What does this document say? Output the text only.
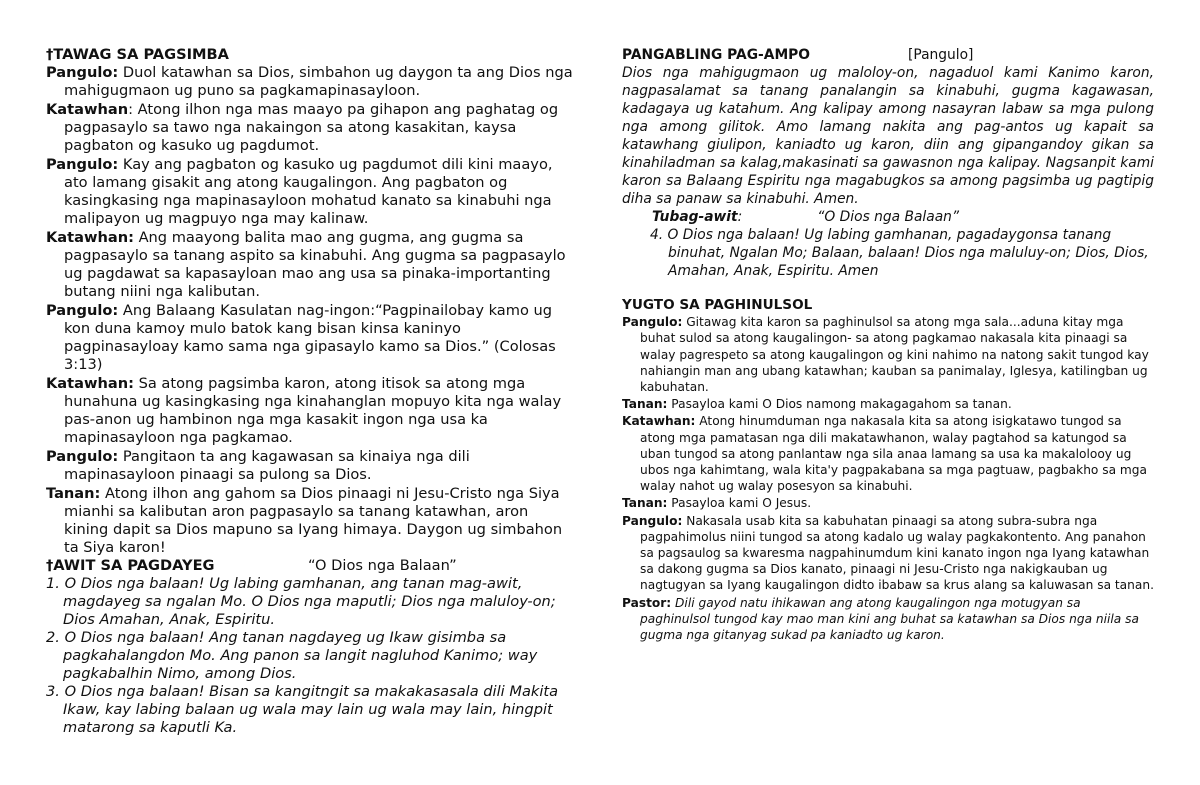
†TAWAG SA PAGSIMBA

Pangulo: Duol katawhan sa Dios, simbahon ug daygon ta ang Dios nga mahigugmaon ug puno sa pagkamapinasayloon.

Katawhan: Atong ilhon nga mas maayo pa gihapon ang paghatag og pagpasaylo sa tawo nga nakaingon sa atong kasakitan, kaysa pagbaton og kasuko ug pagdumot.

Pangulo: Kay ang pagbaton og kasuko ug pagdumot dili kini maayo, ato lamang gisakit ang atong kaugalingon. Ang pagbaton og kasingkasing nga mapinasayloon mohatud kanato sa kinabuhi nga malipayon ug magpuyo nga may kalinaw.

Katawhan: Ang maayong balita mao ang gugma, ang gugma sa pagpasaylo sa tanang aspito sa kinabuhi. Ang gugma sa pagpasaylo ug pagdawat sa kapasayloan mao ang usa sa pinaka-importanting butang niini nga kalibutan.

Pangulo: Ang Balaang Kasulatan nag-ingon:“Pagpinailobay kamo ug kon duna kamoy mulo batok kang bisan kinsa kaninyo pagpinasayloay kamo sama nga gipasaylo kamo sa Dios.” (Colosas 3:13)

Katawhan: Sa atong pagsimba karon, atong itisok sa atong mga hunahuna ug kasingkasing nga kinahanglan mopuyo kita nga walay pas-anon ug hambinon nga mga kasakit ingon nga usa ka mapinasayloon nga pagkamao.

Pangulo: Pangitaon ta ang kagawasan sa kinaiya nga dili mapinasayloon pinaagi sa pulong sa Dios.

Tanan: Atong ilhon ang gahom sa Dios pinaagi ni Jesu-Cristo nga Siya mianhi sa kalibutan aron pagpasaylo sa tanang katawhan, aron kining dapit sa Dios mapuno sa Iyang himaya. Daygon ug simbahon ta Siya karon!

†AWIT SA PAGDAYEG	“O Dios nga Balaan”
1. O Dios nga balaan! Ug labing gamhanan, ang tanan mag-awit, magdayeg sa ngalan Mo. O Dios nga maputli; Dios nga maluloy-on; Dios Amahan, Anak, Espiritu.
2. O Dios nga balaan! Ang tanan nagdayeg ug Ikaw gisimba sa pagkahalangdon Mo. Ang panon sa langit nagluhod Kanimo; way pagkabalhin Nimo, among Dios.
3. O Dios nga balaan! Bisan sa kangitngit sa makakasasala dili Makita Ikaw, kay labing balaan ug wala may lain ug wala may lain, hingpit matarong sa kaputli Ka.
PANGABLING PAG-AMPO	[Pangulo]

Dios nga mahigugmaon ug maloloy-on, nagaduol kami Kanimo karon, nagpasalamat sa tanang panalangin sa kinabuhi, gugma kagawasan, kadagaya ug katahum. Ang kalipay among nasayran labaw sa mga pulong nga among gilitok. Amo lamang nakita ang pag-antos ug kapait sa katawhang giulipon, kaniadto ug karon, diin ang gipangandoy gikan sa kinahiladman sa kalag,makasinati sa gawasnon nga kalipay. Nagsanpit kami karon sa Balaang Espiritu nga magabugkos sa among pagsimba ug pagtipig diha sa panaw sa kinabuhi. Amen.

Tubag-awit :	“O Dios nga Balaan”

4. O Dios nga balaan! Ug labing gamhanan, pagadaygonsa tanang binuhat, Ngalan Mo; Balaan, balaan! Dios nga maluluy-on; Dios, Dios, Amahan, Anak, Espiritu. Amen

YUGTO SA PAGHINULSOL

Pangulo: Gitawag kita karon sa paghinulsol sa atong mga sala...aduna kitay mga buhat sulod sa atong kaugalingon- sa atong pagkamao nakasala kita pinaagi sa walay pagrespeto sa atong kaugalingon og kini nahimo na natong sakit tungod kay nahiangin man ang ubang katawhan; kauban sa panimalay, Iglesya, katilingban ug kabuhatan.

Tanan: Pasayloa kami O Dios namong makagagahom sa tanan.

Katawhan: Atong hinumduman nga nakasala kita sa atong isigkatawo tungod sa atong mga pamatasan nga dili makatawhanon, walay pagtahod sa katungod sa uban tungod sa atong panlantaw nga sila anaa lamang sa usa ka makalolooy ug ubos nga kahimtang, wala kita'y pagpakabana sa mga pagtuaw, pagbakho sa mga walay nahot ug walay posesyon sa kinabuhi.

Tanan: Pasayloa kami O Jesus.

Pangulo: Nakasala usab kita sa kabuhatan pinaagi sa atong subra-subra nga pagpahimolus niini tungod sa atong kadalo ug walay pagkakontento. Ang panahon sa pagsaulog sa kwaresma nagpahinumdum kini kanato ingon nga Iyang katawhan sa dakong gugma sa Dios kanato, pinaagi ni Jesu-Cristo nga nakigkauban ug nagtugyan sa Iyang kaugalingon didto ibabaw sa krus alang sa kaluwasan sa tanan.

Pastor: Dili gayod natu ihikawan ang atong kaugalingon nga motugyan sa paghinulsol tungod kay mao man kini ang buhat sa katawhan sa Dios nga niila sa gugma nga gitanyag sukad pa kaniadto ug karon.
